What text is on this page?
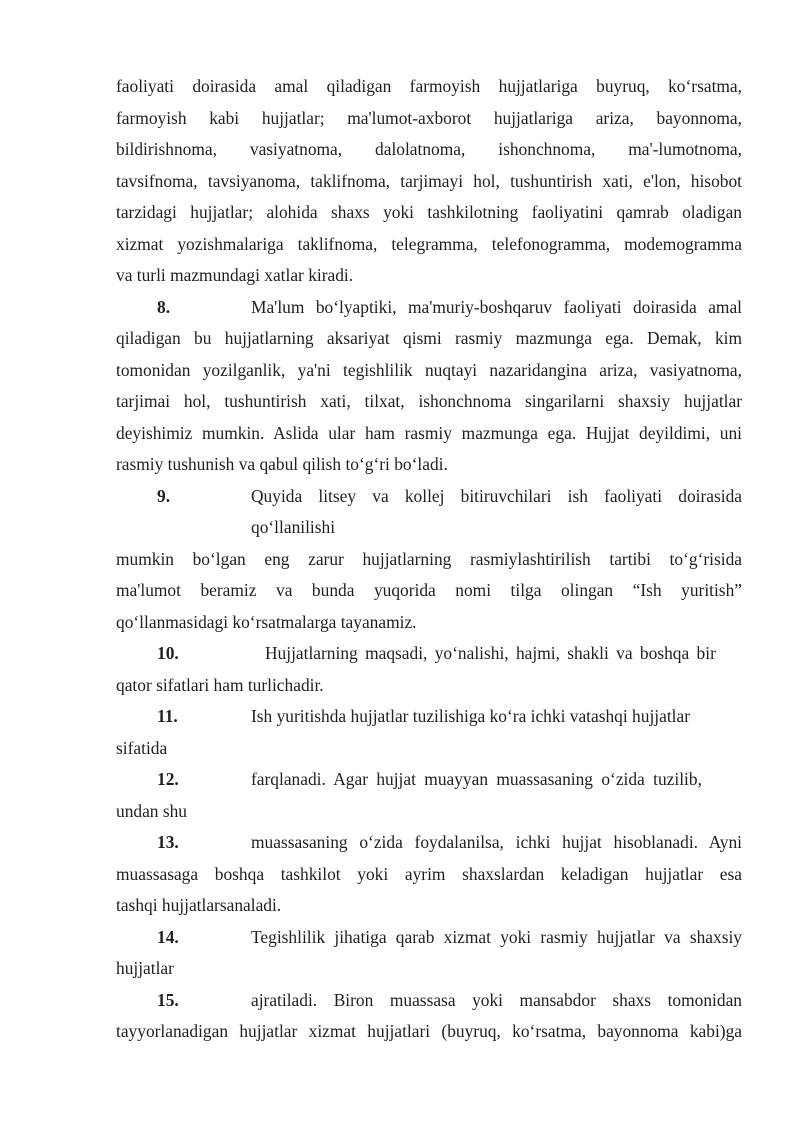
faoliyati doirasida amal qiladigan farmoyish hujjatlariga buyruq, ko‘rsatma,

farmoyish kabi hujjatlar; ma'lumot-axborot hujjatlariga ariza, bayonnoma,

bildirishnoma, vasiyatnoma, dalolatnoma, ishonchnoma, ma'-lumotnoma,

tavsifnoma, tavsiyanoma, taklifnoma, tarjimayi hol, tushuntirish xati, e'lon, hisobot

tarzidagi hujjatlar; alohida shaxs yoki tashkilotning faoliyatini qamrab oladigan

xizmat yozishmalariga taklifnoma, telegramma, telefonogramma, modemogramma

va turli mazmundagi xatlar kiradi.

8.	Ma'lum bo‘lyaptiki, ma'muriy-boshqaruv faoliyati doirasida amal

qiladigan bu hujjatlarning aksariyat qismi rasmiy mazmunga ega. Demak, kim

tomonidan yozilganlik, ya'ni tegishlilik nuqtayi nazaridangina ariza, vasiyatnoma,

tarjimai hol, tushuntirish xati, tilxat, ishonchnoma singarilarni shaxsiy hujjatlar

deyishimiz mumkin. Aslida ular ham rasmiy mazmunga ega. Hujjat deyildimi, uni

rasmiy tushunish va qabul qilish to‘g‘ri bo‘ladi.

9.	Quyida litsey va kollej bitiruvchilari ish faoliyati doirasida qo‘llanilishi

mumkin bo‘lgan eng zarur hujjatlarning rasmiylashtirilish tartibi to‘g‘risida

ma'lumot beramiz va bunda yuqorida nomi tilga olingan “Ish yuritish”

qo‘llanmasidagi ko‘rsatmalarga tayanamiz.

10.	Hujjatlarning maqsadi, yo‘nalishi, hajmi, shakli va boshqa bir

qator sifatlari ham turlichadir.

11.	Ish yuritishda hujjatlar tuzilishiga ko‘ra ichki vatashqi hujjatlar

sifatida

12.	farqlanadi. Agar hujjat muayyan muassasaning o‘zida tuzilib,

undan shu

13.	muassasaning o‘zida foydalanilsa, ichki hujjat hisoblanadi. Ayni

muassasaga boshqa tashkilot yoki ayrim shaxslardan keladigan hujjatlar esa

tashqi hujjatlarsanaladi.

14.	Tegishlilik jihatiga qarab xizmat yoki rasmiy hujjatlar va shaxsiy

hujjatlar

15.	ajratiladi. Biron muassasa yoki mansabdor shaxs tomonidan

tayyorlanadigan hujjatlar xizmat hujjatlari (buyruq, ko‘rsatma, bayonnoma kabi)ga
